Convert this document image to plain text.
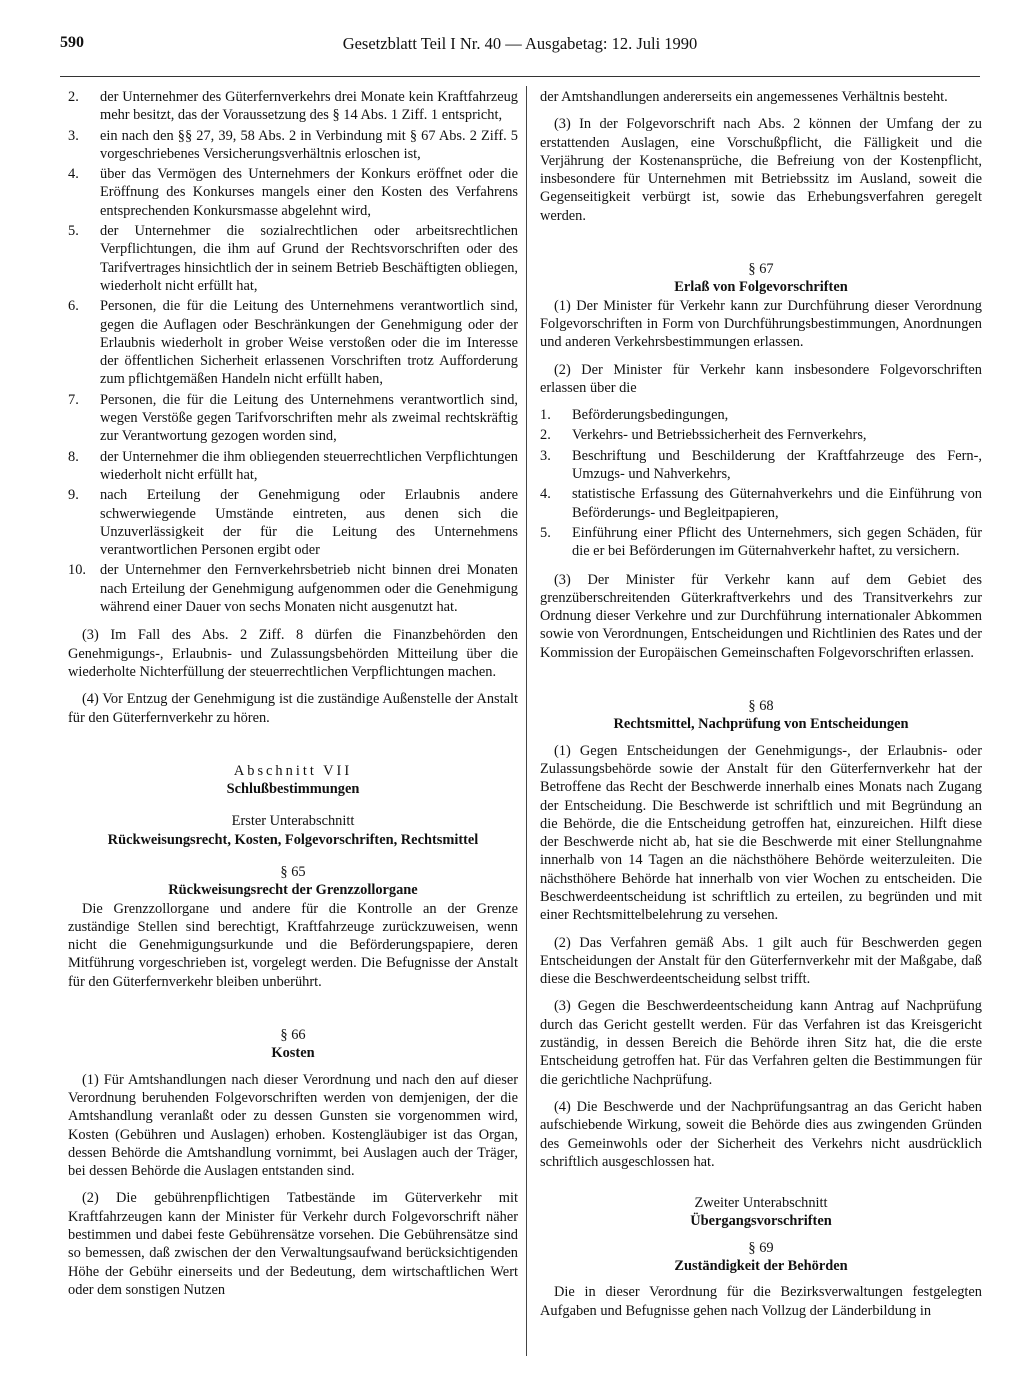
590	Gesetzblatt Teil I Nr. 40 — Ausgabetag: 12. Juli 1990
2.	der Unternehmer des Güterfernverkehrs drei Monate kein Kraftfahrzeug mehr besitzt, das der Voraussetzung des § 14 Abs. 1 Ziff. 1 entspricht,
3.	ein nach den §§ 27, 39, 58 Abs. 2 in Verbindung mit § 67 Abs. 2 Ziff. 5 vorgeschriebenes Versicherungsverhältnis erloschen ist,
4.	über das Vermögen des Unternehmers der Konkurs eröffnet oder die Eröffnung des Konkurses mangels einer den Kosten des Verfahrens entsprechenden Konkursmasse abgelehnt wird,
5.	der Unternehmer die sozialrechtlichen oder arbeitsrechtlichen Verpflichtungen, die ihm auf Grund der Rechtsvorschriften oder des Tarifvertrages hinsichtlich der in seinem Betrieb Beschäftigten obliegen, wiederholt nicht erfüllt hat,
6.	Personen, die für die Leitung des Unternehmens verantwortlich sind, gegen die Auflagen oder Beschränkungen der Genehmigung oder der Erlaubnis wiederholt in grober Weise verstoßen oder die im Interesse der öffentlichen Sicherheit erlassenen Vorschriften trotz Aufforderung zum pflichtgemäßen Handeln nicht erfüllt haben,
7.	Personen, die für die Leitung des Unternehmens verantwortlich sind, wegen Verstöße gegen Tarifvorschriften mehr als zweimal rechtskräftig zur Verantwortung gezogen worden sind,
8.	der Unternehmer die ihm obliegenden steuerrechtlichen Verpflichtungen wiederholt nicht erfüllt hat,
9.	nach Erteilung der Genehmigung oder Erlaubnis andere schwerwiegende Umstände eintreten, aus denen sich die Unzuverlässigkeit der für die Leitung des Unternehmens verantwortlichen Personen ergibt oder
10. der Unternehmer den Fernverkehrsbetrieb nicht binnen drei Monaten nach Erteilung der Genehmigung aufgenommen oder die Genehmigung während einer Dauer von sechs Monaten nicht ausgenutzt hat.

(3) Im Fall des Abs. 2 Ziff. 8 dürfen die Finanzbehörden den Genehmigungs-, Erlaubnis- und Zulassungsbehörden Mitteilung über die wiederholte Nichterfüllung der steuerrechtlichen Verpflichtungen machen.

(4) Vor Entzug der Genehmigung ist die zuständige Außenstelle der Anstalt für den Güterfernverkehr zu hören.

Abschnitt VII

Schlußbestimmungen

Erster Unterabschnitt

Rückweisungsrecht, Kosten, Folgevorschriften, Rechtsmittel

§ 65

Rückweisungsrecht der Grenzzollorgane

Die Grenzzollorgane und andere für die Kontrolle an der Grenze zuständige Stellen sind berechtigt, Kraftfahrzeuge zurückzuweisen, wenn nicht die Genehmigungsurkunde und die Beförderungspapiere, deren Mitführung vorgeschrieben ist, vorgelegt werden. Die Befugnisse der Anstalt für den Güterfernverkehr bleiben unberührt.

§ 66

Kosten

(1) Für Amtshandlungen nach dieser Verordnung und nach den auf dieser Verordnung beruhenden Folgevorschriften werden von demjenigen, der die Amtshandlung veranlaßt oder zu dessen Gunsten sie vorgenommen wird, Kosten (Gebühren und Auslagen) erhoben. Kostengläubiger ist das Organ, dessen Behörde die Amtshandlung vornimmt, bei Auslagen auch der Träger, bei dessen Behörde die Auslagen entstanden sind.

(2) Die gebührenpflichtigen Tatbestände im Güterverkehr mit Kraftfahrzeugen kann der Minister für Verkehr durch Folgevorschrift näher bestimmen und dabei feste Gebührensätze vorsehen. Die Gebührensätze sind so bemessen, daß zwischen der den Verwaltungsaufwand berücksichtigenden Höhe der Gebühr einerseits und der Bedeutung, dem wirtschaftlichen Wert oder dem sonstigen Nutzen

der Amtshandlungen andererseits ein angemessenes Verhältnis besteht.

(3) In der Folgevorschrift nach Abs. 2 können der Umfang der zu erstattenden Auslagen, eine Vorschußpflicht, die Fälligkeit und die Verjährung der Kostenansprüche, die Befreiung von der Kostenpflicht, insbesondere für Unternehmen mit Betriebssitz im Ausland, soweit die Gegenseitigkeit verbürgt ist, sowie das Erhebungsverfahren geregelt werden.

§ 67

Erlaß von Folgevorschriften

(1) Der Minister für Verkehr kann zur Durchführung dieser Verordnung Folgevorschriften in Form von Durchführungsbestimmungen, Anordnungen und anderen Verkehrsbestimmungen erlassen.

(2) Der Minister für Verkehr kann insbesondere Folgevorschriften erlassen über die

1.	Beförderungsbedingungen,
2.	Verkehrs- und Betriebssicherheit des Fernverkehrs,
3.	Beschriftung und Beschilderung der Kraftfahrzeuge des Fern-, Umzugs- und Nahverkehrs,
4.	statistische Erfassung des Güternahverkehrs und die Einführung von Beförderungs- und Begleitpapieren,
5.	Einführung einer Pflicht des Unternehmers, sich gegen Schäden, für die er bei Beförderungen im Güternahverkehr haftet, zu versichern.

(3) Der Minister für Verkehr kann auf dem Gebiet des grenzüberschreitenden Güterkraftverkehrs und des Transitverkehrs zur Ordnung dieser Verkehre und zur Durchführung internationaler Abkommen sowie von Verordnungen, Entscheidungen und Richtlinien des Rates und der Kommission der Europäischen Gemeinschaften Folgevorschriften erlassen.

§ 68

Rechtsmittel, Nachprüfung von Entscheidungen

(1) Gegen Entscheidungen der Genehmigungs-, der Erlaubnis- oder Zulassungsbehörde sowie der Anstalt für den Güterfernverkehr hat der Betroffene das Recht der Beschwerde innerhalb eines Monats nach Zugang der Entscheidung. Die Beschwerde ist schriftlich und mit Begründung an die Behörde, die die Entscheidung getroffen hat, einzureichen. Hilft diese der Beschwerde nicht ab, hat sie die Beschwerde mit einer Stellungnahme innerhalb von 14 Tagen an die nächsthöhere Behörde weiterzuleiten. Die nächsthöhere Behörde hat innerhalb von vier Wochen zu entscheiden. Die Beschwerdeentscheidung ist schriftlich zu erteilen, zu begründen und mit einer Rechtsmittelbelehrung zu versehen.

(2) Das Verfahren gemäß Abs. 1 gilt auch für Beschwerden gegen Entscheidungen der Anstalt für den Güterfernverkehr mit der Maßgabe, daß diese die Beschwerdeentscheidung selbst trifft.

(3) Gegen die Beschwerdeentscheidung kann Antrag auf Nachprüfung durch das Gericht gestellt werden. Für das Verfahren ist das Kreisgericht zuständig, in dessen Bereich die Behörde ihren Sitz hat, die die erste Entscheidung getroffen hat. Für das Verfahren gelten die Bestimmungen für die gerichtliche Nachprüfung.

(4) Die Beschwerde und der Nachprüfungsantrag an das Gericht haben aufschiebende Wirkung, soweit die Behörde dies aus zwingenden Gründen des Gemeinwohls oder der Sicherheit des Verkehrs nicht ausdrücklich schriftlich ausgeschlossen hat.

Zweiter Unterabschnitt

Übergangsvorschriften

§ 69

Zuständigkeit der Behörden

Die in dieser Verordnung für die Bezirksverwaltungen festgelegten Aufgaben und Befugnisse gehen nach Vollzug der Länderbildung in
